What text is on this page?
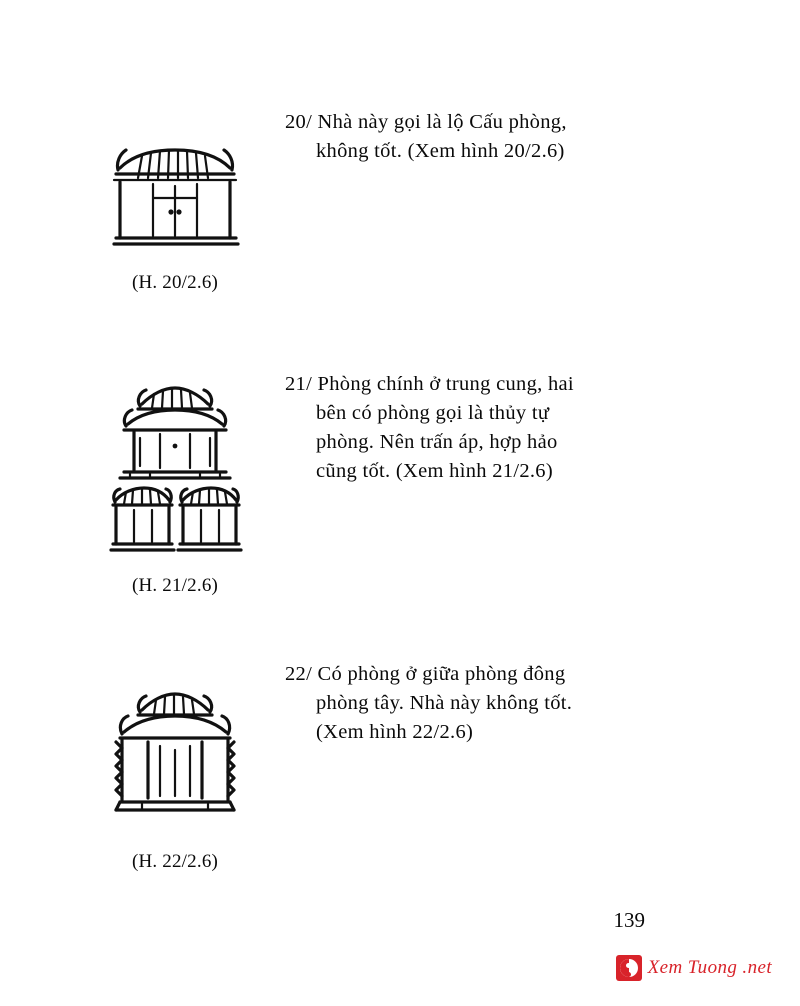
(H. 20/2.6)
20/ Nhà này gọi là lộ Cấu phòng,
không tốt. (Xem hình 20/2.6)
(H. 21/2.6)
21/ Phòng chính ở trung cung, hai
bên có phòng gọi là thủy tự
phòng. Nên trấn áp, hợp hảo
cũng tốt. (Xem hình 21/2.6)
(H. 22/2.6)
22/ Có phòng ở giữa phòng đông
phòng tây. Nhà này không tốt.
(Xem hình 22/2.6)
139
Xem Tuong .net
